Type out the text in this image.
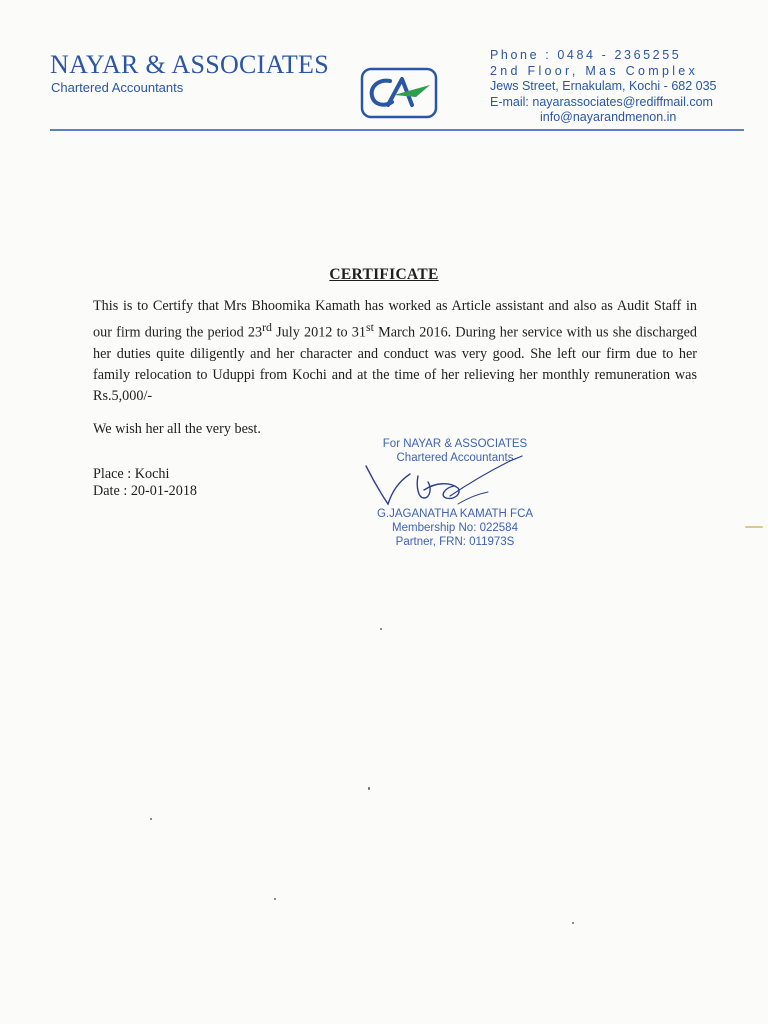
NAYAR & ASSOCIATES
Chartered Accountants
Phone : 0484 - 2365255
2nd Floor, Mas Complex
Jews Street, Ernakulam, Kochi - 682 035
E-mail: nayarassociates@rediffmail.com
info@nayarandmenon.in
CERTIFICATE

This is to Certify that Mrs Bhoomika Kamath has worked as Article assistant and also as Audit Staff in our firm during the period 23rd July 2012 to 31st March 2016. During her service with us she discharged her duties quite diligently and her character and conduct was very good. She left our firm due to her family relocation to Uduppi from Kochi and at the time of her relieving her monthly remuneration was Rs.5,000/-

We wish her all the very best.

Place : Kochi
Date : 20-01-2018
For NAYAR & ASSOCIATES
Chartered Accountants
G.JAGANATHA KAMATH FCA
Membership No: 022584
Partner, FRN: 011973S
